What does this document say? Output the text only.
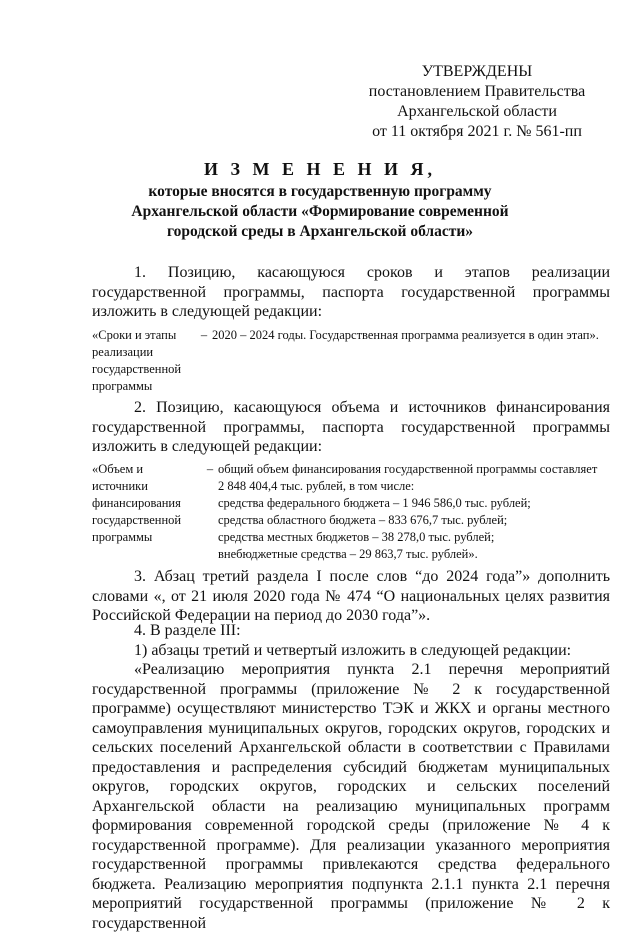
УТВЕРЖДЕНЫ
постановлением Правительства
Архангельской области
от 11 октября 2021 г. № 561-пп
И З М Е Н Е Н И Я,
которые вносятся в государственную программу
Архангельской области «Формирование современной
городской среды в Архангельской области»
1. Позицию, касающуюся сроков и этапов реализации государственной программы, паспорта государственной программы изложить в следующей редакции:
«Сроки и этапы реализации государственной программы
– 2020 – 2024 годы. Государственная программа реализуется в один этап».
2. Позицию, касающуюся объема и источников финансирования государственной программы, паспорта государственной программы изложить в следующей редакции:
«Объем и источники финансирования государственной программы
– общий объем финансирования государственной программы составляет
2 848 404,4 тыс. рублей, в том числе:
средства федерального бюджета – 1 946 586,0 тыс. рублей;
средства областного бюджета – 833 676,7 тыс. рублей;
средства местных бюджетов – 38 278,0 тыс. рублей;
внебюджетные средства – 29 863,7 тыс. рублей».
3. Абзац третий раздела I после слов “до 2024 года”» дополнить словами «, от 21 июля 2020 года № 474 “О национальных целях развития Российской Федерации на период до 2030 года”».
4. В разделе III:
1) абзацы третий и четвертый изложить в следующей редакции:
«Реализацию мероприятия пункта 2.1 перечня мероприятий государственной программы (приложение № 2 к государственной программе) осуществляют министерство ТЭК и ЖКХ и органы местного самоуправления муниципальных округов, городских округов, городских и сельских поселений Архангельской области в соответствии с Правилами предоставления и распределения субсидий бюджетам муниципальных округов, городских округов, городских и сельских поселений Архангельской области на реализацию муниципальных программ формирования современной городской среды (приложение № 4 к государственной программе). Для реализации указанного мероприятия государственной программы привлекаются средства федерального бюджета. Реализацию мероприятия подпункта 2.1.1 пункта 2.1 перечня мероприятий государственной программы (приложение № 2 к государственной
